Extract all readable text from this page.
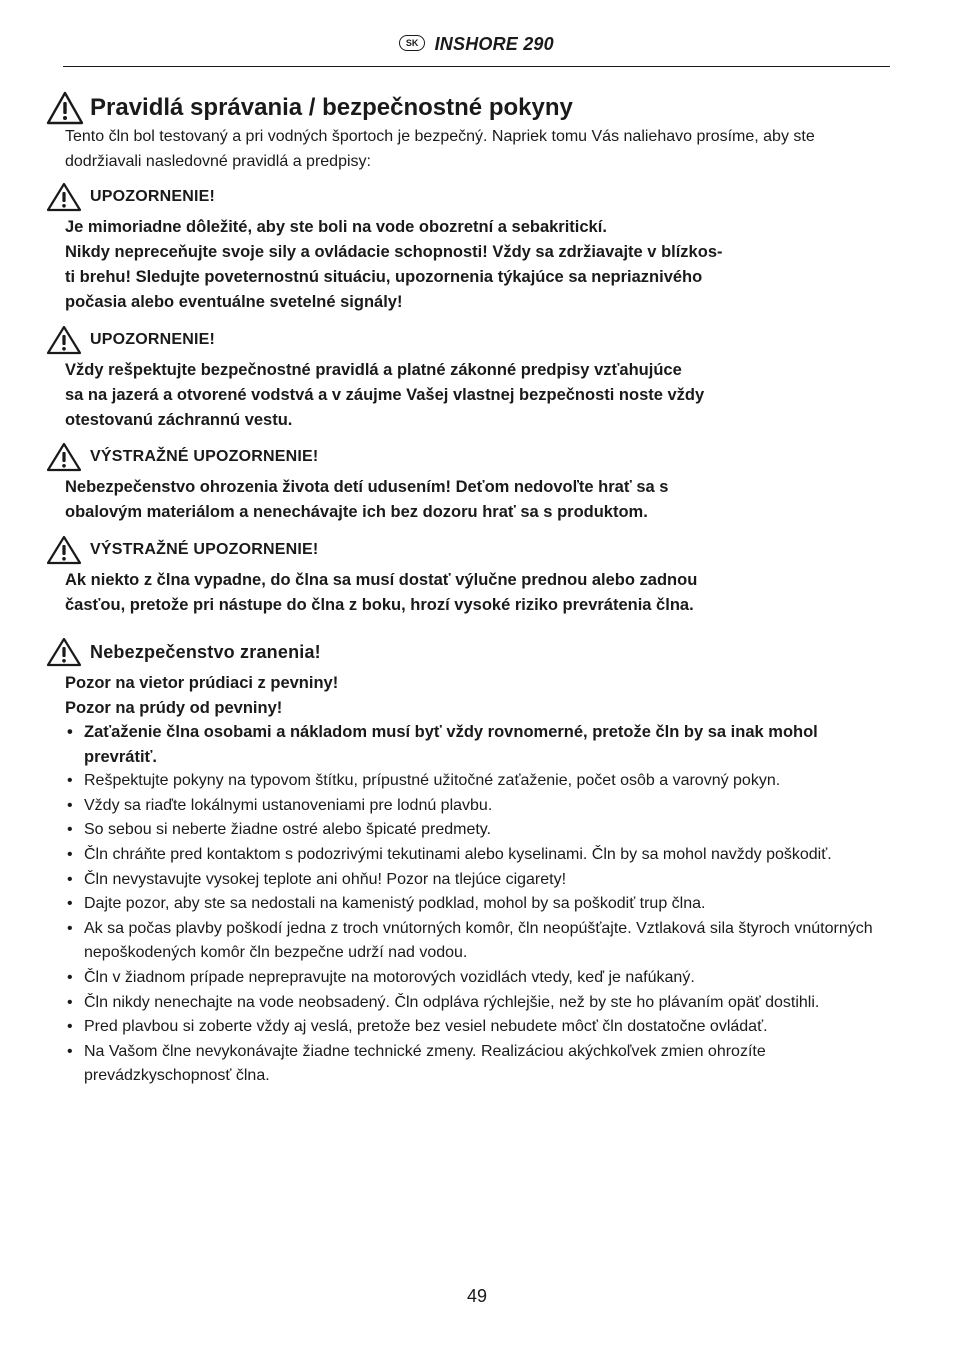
SK INSHORE 290
Pravidlá správania / bezpečnostné pokyny
Tento čln bol testovaný a pri vodných športoch je bezpečný. Napriek tomu Vás naliehavo prosíme, aby ste dodržiavali nasledovné pravidlá a predpisy:
UPOZORNENIE!

Je mimoriadne dôležité, aby ste boli na vode obozretní a sebakritickí.

Nikdy nepreceňujte svoje sily a ovládacie schopnosti! Vždy sa zdržiavajte v blízkos-

ti brehu! Sledujte poveternostnú situáciu, upozornenia týkajúce sa nepriaznivého

počasia alebo eventuálne svetelné signály!

UPOZORNENIE!

Vždy rešpektujte bezpečnostné pravidlá a platné zákonné predpisy vzťahujúce

sa na jazerá a otvorené vodstvá a v záujme Vašej vlastnej bezpečnosti noste vždy

otestovanú záchrannú vestu.

VÝSTRAŽNÉ UPOZORNENIE!

Nebezpečenstvo ohrozenia života detí udusením! Deťom nedovoľte hrať sa s

obalovým materiálom a nenechávajte ich bez dozoru hrať sa s produktom.

VÝSTRAŽNÉ UPOZORNENIE!

Ak niekto z člna vypadne, do člna sa musí dostať výlučne prednou alebo zadnou

časťou, pretože pri nástupe do člna z boku, hrozí vysoké riziko prevrátenia člna.

Nebezpečenstvo zranenia!

Pozor na vietor prúdiaci z pevniny!

Pozor na prúdy od pevniny!

• Zaťaženie člna osobami a nákladom musí byť vždy rovnomerné, pretože čln by sa inak mohol prevrátiť.
• Rešpektujte pokyny na typovom štítku, prípustné užitočné zaťaženie, počet osôb a varovný pokyn.
• Vždy sa riaďte lokálnymi ustanoveniami pre lodnú plavbu.
• So sebou si neberte žiadne ostré alebo špicaté predmety.
• Čln chráňte pred kontaktom s podozrivými tekutinami alebo kyselinami. Čln by sa mohol navždy poškodiť.
• Čln nevystavujte vysokej teplote ani ohňu! Pozor na tlejúce cigarety!
• Dajte pozor, aby ste sa nedostali na kamenistý podklad, mohol by sa poškodiť trup člna.
• Ak sa počas plavby poškodí jedna z troch vnútorných komôr, čln neopúšťajte. Vztlaková sila štyroch vnútorných nepoškodených komôr čln bezpečne udrží nad vodou.
• Čln v žiadnom prípade neprepravujte na motorových vozidlách vtedy, keď je nafúkaný.
• Čln nikdy nenechajte na vode neobsadený. Čln odpláva rýchlejšie, než by ste ho plávaním opäť dostihli.
• Pred plavbou si zoberte vždy aj veslá, pretože bez vesiel nebudete môcť čln dostatočne ovládať.
• Na Vašom člne nevykonávajte žiadne technické zmeny. Realizáciou akýchkoľvek zmien ohrozíte prevádzkyschopnosť člna.
49
